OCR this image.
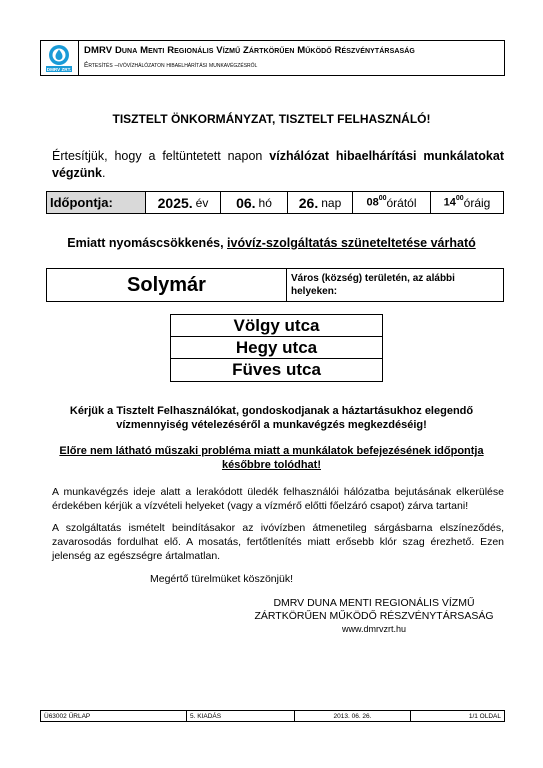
DMRV ZRT.
DMRV Duna Menti Regionális Vízmű Zártkörűen Működő Részvénytársaság
Értesítés –ivóvízhálózaton hibaelhárítási munkavégzésről
TISZTELT ÖNKORMÁNYZAT, TISZTELT FELHASZNÁLÓ!
Értesítjük, hogy a feltüntetett napon vízhálózat hibaelhárítási munkálatokat végzünk.
Időpontja:	2025. év 06. hó 26. nap $08^{00}$ órától $14^{00}$ óráig
Emiatt nyomáscsökkenés, ivóvíz-szolgáltatás szüneteltetése várható
Solymár	Város (község) területén, az alábbi helyeken:
Völgy utca
Hegy utca
Füves utca
Kérjük a Tisztelt Felhasználókat, gondoskodjanak a háztartásukhoz elegendő vízmennyiség vételezéséről a munkavégzés megkezdéséig!
Előre nem látható műszaki probléma miatt a munkálatok befejezésének időpontja későbbre tolódhat!
A munkavégzés ideje alatt a lerakódott üledék felhasználói hálózatba bejutásának elkerülése érdekében kérjük a vízvételi helyeket (vagy a vízmérő előtti főelzáró csapot) zárva tartani!
A szolgáltatás ismételt beindításakor az ivóvízben átmenetileg sárgásbarna elszíneződés, zavarosodás fordulhat elő. A mosatás, fertőtlenítés miatt erősebb klór szag érezhető. Ezen jelenség az egészségre ártalmatlan.
Megértő türelmüket köszönjük!
DMRV DUNA MENTI REGIONÁLIS VÍZMŰ
ZÁRTKÖRŰEN MŰKÖDŐ RÉSZVÉNYTÁRSASÁG
www.dmrvzrt.hu
Ü63002 ŰRLAP	5. KIADÁS	2013. 06. 26.	1/1 OLDAL
